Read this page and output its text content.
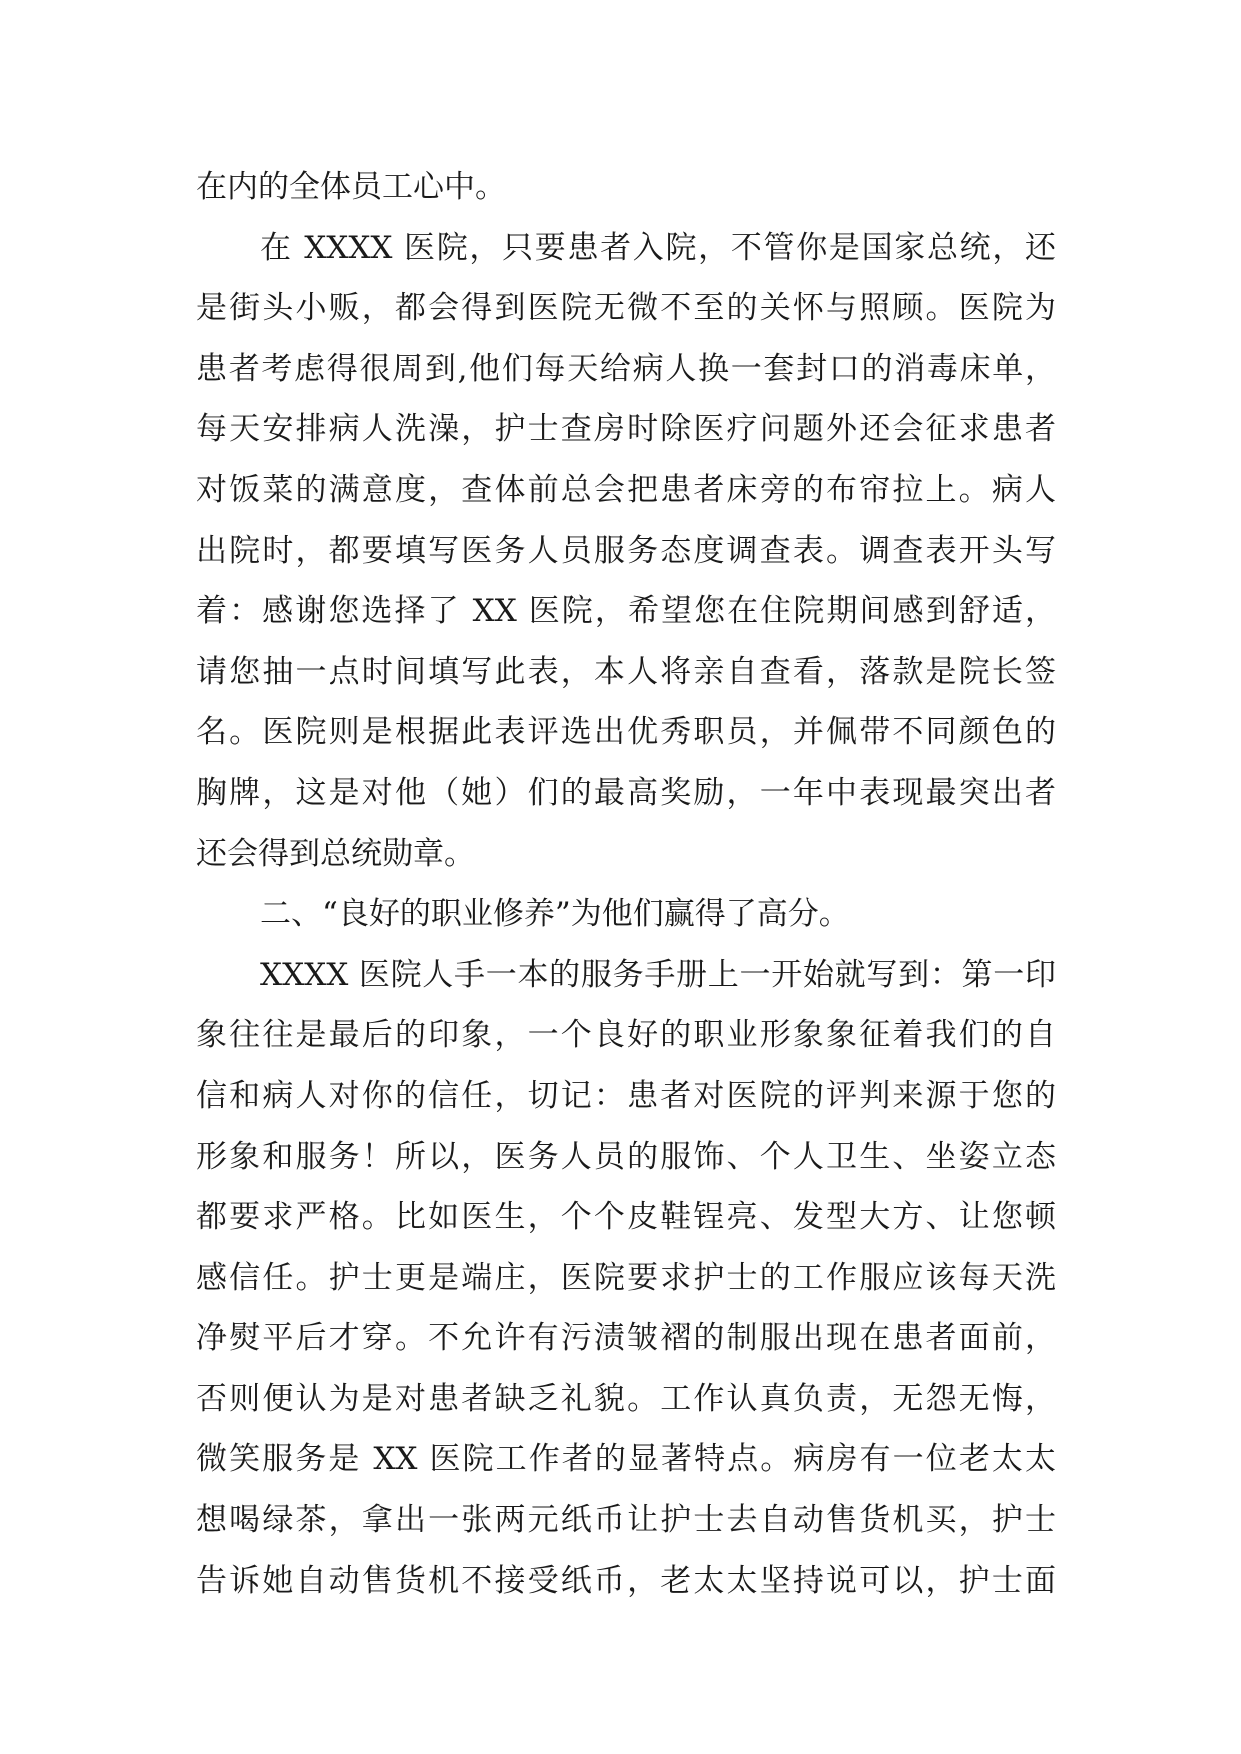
在内的全体员工心中。
在 XXXX 医院，只要患者入院，不管你是国家总统，还
是街头小贩，都会得到医院无微不至的关怀与照顾。医院为
患者考虑得很周到,他们每天给病人换一套封口的消毒床单，
每天安排病人洗澡，护士查房时除医疗问题外还会征求患者
对饭菜的满意度，查体前总会把患者床旁的布帘拉上。病人
出院时，都要填写医务人员服务态度调查表。调查表开头写
着：感谢您选择了 XX 医院，希望您在住院期间感到舒适，
请您抽一点时间填写此表，本人将亲自查看，落款是院长签
名。医院则是根据此表评选出优秀职员，并佩带不同颜色的
胸牌，这是对他（她）们的最高奖励，一年中表现最突出者
还会得到总统勋章。
二、“良好的职业修养”为他们赢得了高分。
XXXX 医院人手一本的服务手册上一开始就写到：第一印
象往往是最后的印象，一个良好的职业形象象征着我们的自
信和病人对你的信任，切记：患者对医院的评判来源于您的
形象和服务！所以，医务人员的服饰、个人卫生、坐姿立态
都要求严格。比如医生，个个皮鞋锃亮、发型大方、让您顿
感信任。护士更是端庄，医院要求护士的工作服应该每天洗
净熨平后才穿。不允许有污渍皱褶的制服出现在患者面前，
否则便认为是对患者缺乏礼貌。工作认真负责，无怨无悔，
微笑服务是 XX 医院工作者的显著特点。病房有一位老太太
想喝绿茶，拿出一张两元纸币让护士去自动售货机买，护士
告诉她自动售货机不接受纸币，老太太坚持说可以，护士面
